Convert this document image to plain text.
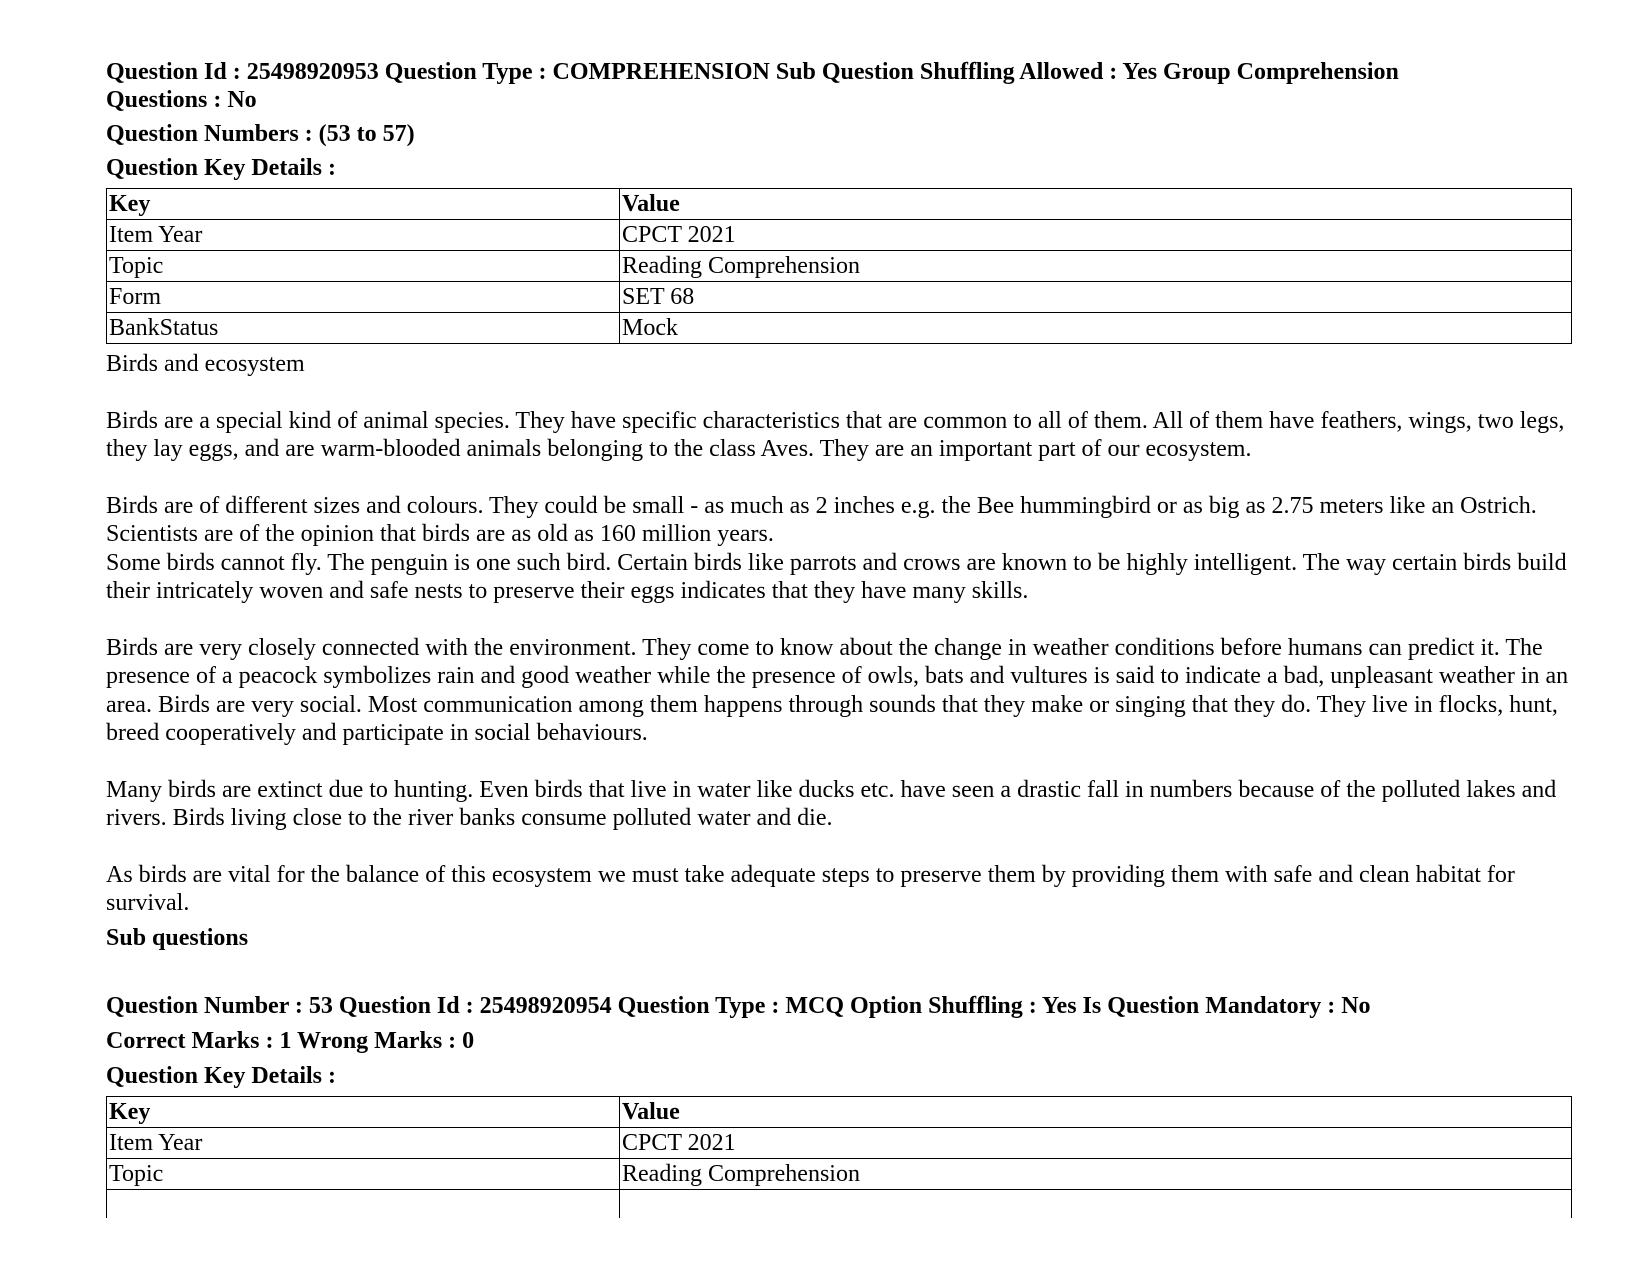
Question Id : 25498920953 Question Type : COMPREHENSION Sub Question Shuffling Allowed : Yes Group Comprehension
Questions : No
Question Numbers : (53 to 57)
Question Key Details :
Key	Value
Item Year	CPCT 2021
Topic	Reading Comprehension
Form	SET 68
BankStatus	Mock

Birds and ecosystem

Birds are a special kind of animal species. They have specific characteristics that are common to all of them. All of them have feathers, wings, two legs, they lay eggs, and are warm-blooded animals belonging to the class Aves. They are an important part of our ecosystem.

Birds are of different sizes and colours. They could be small - as much as 2 inches e.g. the Bee hummingbird or as big as 2.75 meters like an Ostrich. Scientists are of the opinion that birds are as old as 160 million years.

Some birds cannot fly. The penguin is one such bird. Certain birds like parrots and crows are known to be highly intelligent. The way certain birds build their intricately woven and safe nests to preserve their eggs indicates that they have many skills.

Birds are very closely connected with the environment. They come to know about the change in weather conditions before humans can predict it. The presence of a peacock symbolizes rain and good weather while the presence of owls, bats and vultures is said to indicate a bad, unpleasant weather in an area. Birds are very social. Most communication among them happens through sounds that they make or singing that they do. They live in flocks, hunt, breed cooperatively and participate in social behaviours.

Many birds are extinct due to hunting. Even birds that live in water like ducks etc. have seen a drastic fall in numbers because of the polluted lakes and rivers. Birds living close to the river banks consume polluted water and die.

As birds are vital for the balance of this ecosystem we must take adequate steps to preserve them by providing them with safe and clean habitat for survival.

Sub questions
Question Number : 53 Question Id : 25498920954 Question Type : MCQ Option Shuffling : Yes Is Question Mandatory : No
Correct Marks : 1 Wrong Marks : 0
Question Key Details :
Key	Value
Item Year	CPCT 2021
Topic	Reading Comprehension
